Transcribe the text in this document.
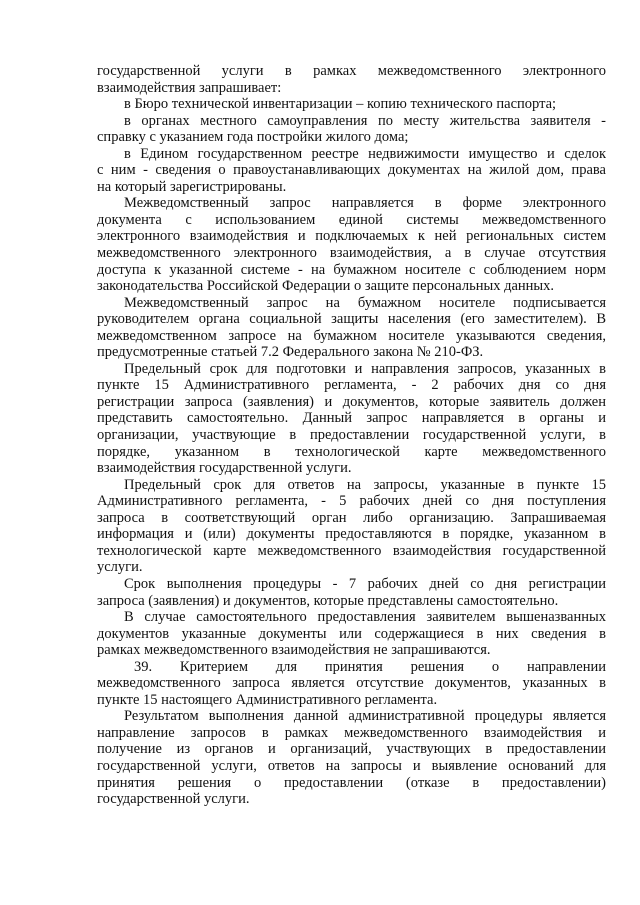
государственной услуги в рамках межведомственного электронного
взаимодействия запрашивает:
в Бюро технической инвентаризации – копию технического паспорта;
в органах местного самоуправления по месту жительства заявителя -
справку с указанием года постройки жилого дома;
в Едином государственном реестре недвижимости имущество и сделок
с ним - сведения о правоустанавливающих документах на жилой дом, права
на который зарегистрированы.
Межведомственный запрос направляется в форме электронного
документа с использованием единой системы межведомственного
электронного взаимодействия и подключаемых к ней региональных систем
межведомственного электронного взаимодействия, а в случае отсутствия
доступа к указанной системе - на бумажном носителе с соблюдением норм
законодательства Российской Федерации о защите персональных данных.
Межведомственный запрос на бумажном носителе подписывается
руководителем органа социальной защиты населения (его заместителем). В
межведомственном запросе на бумажном носителе указываются сведения,
предусмотренные статьей 7.2 Федерального закона № 210-ФЗ.
Предельный срок для подготовки и направления запросов, указанных в
пункте 15 Административного регламента, - 2 рабочих дня со дня
регистрации запроса (заявления) и документов, которые заявитель должен
представить самостоятельно. Данный запрос направляется в органы и
организации, участвующие в предоставлении государственной услуги, в
порядке, указанном в технологической карте межведомственного
взаимодействия государственной услуги.
Предельный срок для ответов на запросы, указанные в пункте 15
Административного регламента, - 5 рабочих дней со дня поступления
запроса в соответствующий орган либо организацию. Запрашиваемая
информация и (или) документы предоставляются в порядке, указанном в
технологической карте межведомственного взаимодействия государственной
услуги.
Срок выполнения процедуры - 7 рабочих дней со дня регистрации
запроса (заявления) и документов, которые представлены самостоятельно.
В случае самостоятельного предоставления заявителем вышеназванных
документов указанные документы или содержащиеся в них сведения в
рамках межведомственного взаимодействия не запрашиваются.
39. Критерием для принятия решения о направлении
межведомственного запроса является отсутствие документов, указанных в
пункте 15 настоящего Административного регламента.
Результатом выполнения данной административной процедуры является
направление запросов в рамках межведомственного взаимодействия и
получение из органов и организаций, участвующих в предоставлении
государственной услуги, ответов на запросы и выявление оснований для
принятия решения о предоставлении (отказе в предоставлении)
государственной услуги.
